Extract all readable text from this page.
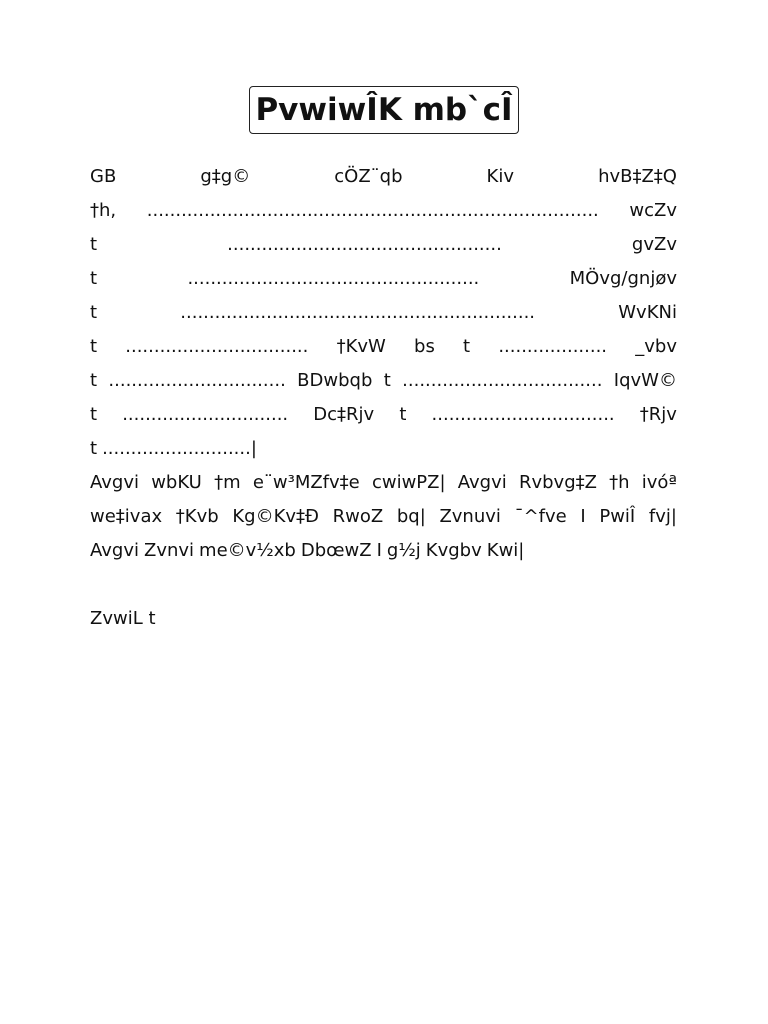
PvwiwÎK mb`cÎ
GB	g‡g©	cÖZ¨qb	Kiv	hvB‡Z‡Q
†h, ............................................................................... wcZv
t	................................................	gvZv
t	...................................................	MÖvg/gnjøv
t	..............................................................	WvKNi
t ................................ †KvW bs t ................... _vbv
t ............................... BDwbqb t ................................... IqvW©
t ............................. Dc‡Rjv t ................................ †Rjv
t ..........................|
Avgvi wbKU †m e¨w³MZfv‡e cwiwPZ| Avgvi Rvbvg‡Z †h ivóª
we‡ivax †Kvb Kg©Kv‡Ð RwoZ bq| Zvnuvi ¯^fve I PwiÎ fvj|
Avgvi Zvnvi me©v½xb DbœwZ I g½j Kvgbv Kwi|
ZvwiL t
